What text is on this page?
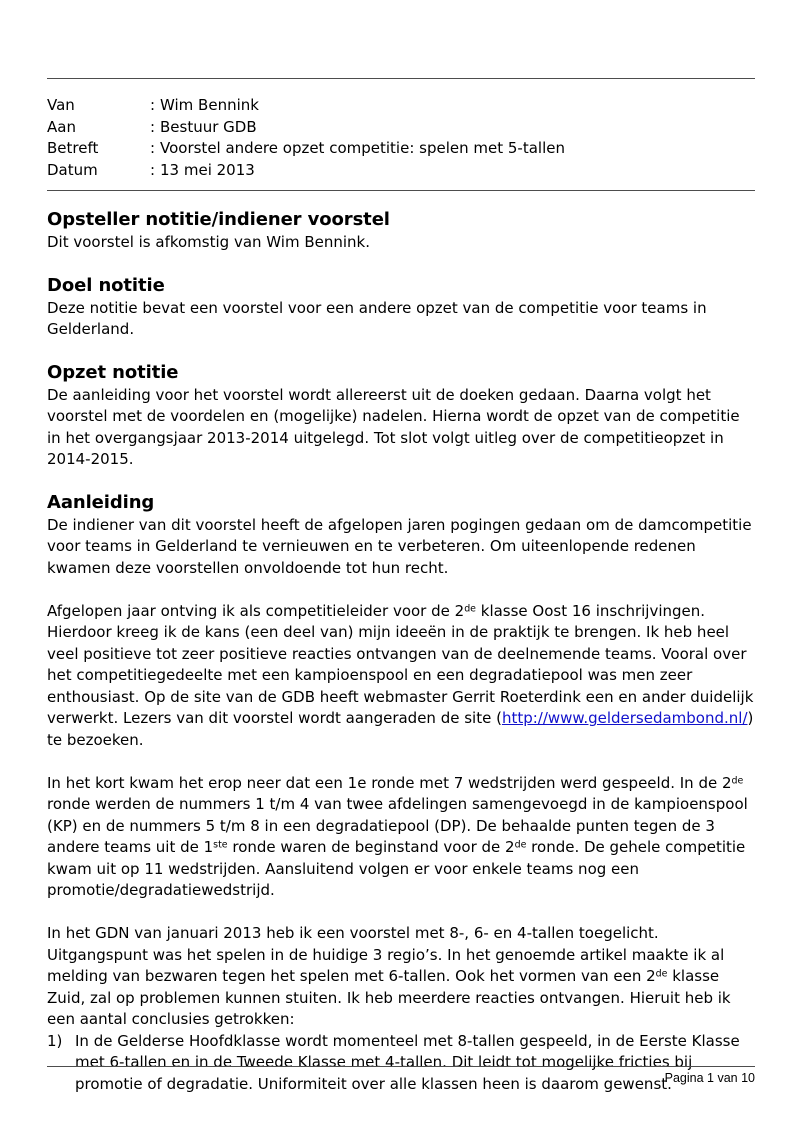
Van	:	Wim Bennink
Aan	:	Bestuur GDB
Betreft	:	Voorstel andere opzet competitie: spelen met 5-tallen
Datum	:	13 mei 2013
Opsteller notitie/indiener voorstel

Dit voorstel is afkomstig van Wim Bennink.

Doel notitie

Deze notitie bevat een voorstel voor een andere opzet van de competitie voor teams in Gelderland.

Opzet notitie

De aanleiding voor het voorstel wordt allereerst uit de doeken gedaan. Daarna volgt het voorstel met de voordelen en (mogelijke) nadelen. Hierna wordt de opzet van de competitie in het overgangsjaar 2013-2014 uitgelegd. Tot slot volgt uitleg over de competitieopzet in 2014-2015.

Aanleiding

De indiener van dit voorstel heeft de afgelopen jaren pogingen gedaan om de damcompetitie voor teams in Gelderland te vernieuwen en te verbeteren. Om uiteenlopende redenen kwamen deze voorstellen onvoldoende tot hun recht.

Afgelopen jaar ontving ik als competitieleider voor de 2de klasse Oost 16 inschrijvingen. Hierdoor kreeg ik de kans (een deel van) mijn ideeën in de praktijk te brengen. Ik heb heel veel positieve tot zeer positieve reacties ontvangen van de deelnemende teams. Vooral over het competitiegedeelte met een kampioenspool en een degradatiepool was men zeer enthousiast. Op de site van de GDB heeft webmaster Gerrit Roeterdink een en ander duidelijk verwerkt. Lezers van dit voorstel wordt aangeraden de site (http://www.geldersedambond.nl/) te bezoeken.

In het kort kwam het erop neer dat een 1e ronde met 7 wedstrijden werd gespeeld. In de 2de ronde werden de nummers 1 t/m 4 van twee afdelingen samengevoegd in de kampioenspool (KP) en de nummers 5 t/m 8 in een degradatiepool (DP). De behaalde punten tegen de 3 andere teams uit de 1ste ronde waren de beginstand voor de 2de ronde. De gehele competitie kwam uit op 11 wedstrijden. Aansluitend volgen er voor enkele teams nog een promotie/degradatiewedstrijd.

In het GDN van januari 2013 heb ik een voorstel met 8-, 6- en 4-tallen toegelicht. Uitgangspunt was het spelen in de huidige 3 regio’s. In het genoemde artikel maakte ik al melding van bezwaren tegen het spelen met 6-tallen. Ook het vormen van een 2de klasse Zuid, zal op problemen kunnen stuiten. Ik heb meerdere reacties ontvangen. Hieruit heb ik een aantal conclusies getrokken:

1) In de Gelderse Hoofdklasse wordt momenteel met 8-tallen gespeeld, in de Eerste Klasse met 6-tallen en in de Tweede Klasse met 4-tallen. Dit leidt tot mogelijke fricties bij promotie of degradatie. Uniformiteit over alle klassen heen is daarom gewenst.
Pagina 1 van 10
